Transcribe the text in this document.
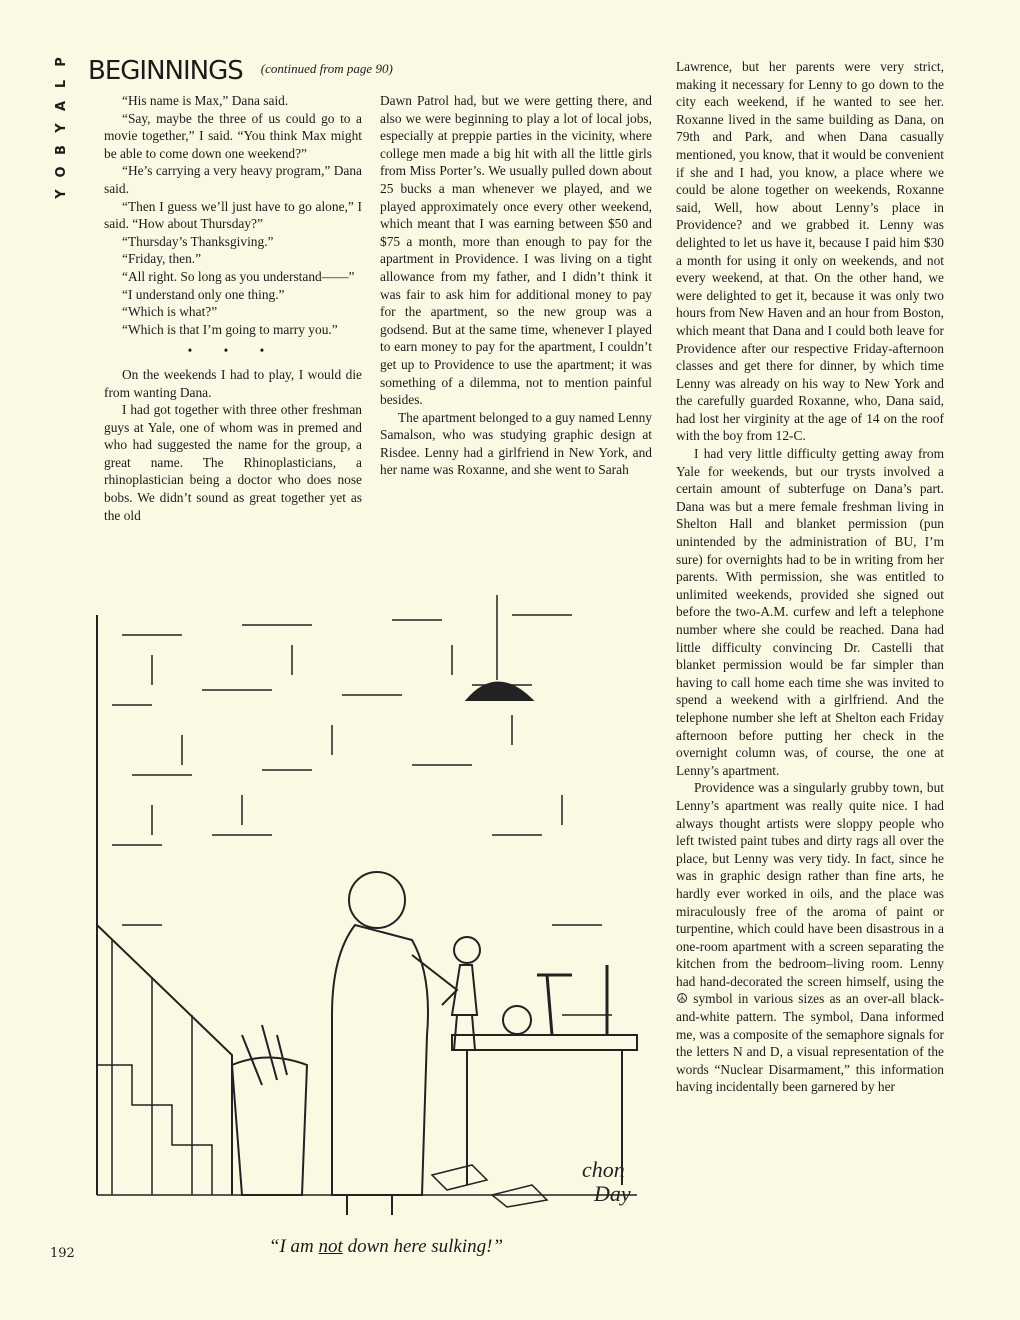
P
L
A
Y
B
O
Y
BEGINNINGS $^{(continued from page 90)}$

“His name is Max,” Dana said.

“Say, maybe the three of us could go to a movie together,” I said. “You think Max might be able to come down one weekend?”

“He’s carrying a very heavy program,” Dana said.

“Then I guess we’ll just have to go alone,” I said. “How about Thursday?”

“Thursday’s Thanksgiving.”

“Friday, then.”

“All right. So long as you understand——”

“I understand only one thing.”

“Which is what?”

“Which is that I’m going to marry you.”

• • •

On the weekends I had to play, I would die from wanting Dana.

I had got together with three other freshman guys at Yale, one of whom was in premed and who had suggested the name for the group, a great name. The Rhinoplasticians, a rhinoplastician being a doctor who does nose bobs. We didn’t sound as great together yet as the old

Dawn Patrol had, but we were getting there, and also we were beginning to play a lot of local jobs, especially at preppie parties in the vicinity, where college men made a big hit with all the little girls from Miss Porter’s. We usually pulled down about 25 bucks a man whenever we played, and we played approximately once every other weekend, which meant that I was earning between $50 and $75 a month, more than enough to pay for the apartment in Providence. I was living on a tight allowance from my father, and I didn’t think it was fair to ask him for additional money to pay for the apartment, so the new group was a godsend. But at the same time, whenever I played to earn money to pay for the apartment, I couldn’t get up to Providence to use the apartment; it was something of a dilemma, not to mention painful besides.

The apartment belonged to a guy named Lenny Samalson, who was studying graphic design at Risdee. Lenny had a girlfriend in New York, and her name was Roxanne, and she went to Sarah

Lawrence, but her parents were very strict, making it necessary for Lenny to go down to the city each weekend, if he wanted to see her. Roxanne lived in the same building as Dana, on 79th and Park, and when Dana casually mentioned, you know, that it would be convenient if she and I had, you know, a place where we could be alone together on weekends, Roxanne said, Well, how about Lenny’s place in Providence? and we grabbed it. Lenny was delighted to let us have it, because I paid him $30 a month for using it only on weekends, and not every weekend, at that. On the other hand, we were delighted to get it, because it was only two hours from New Haven and an hour from Boston, which meant that Dana and I could both leave for Providence after our respective Friday-afternoon classes and get there for dinner, by which time Lenny was already on his way to New York and the carefully guarded Roxanne, who, Dana said, had lost her virginity at the age of 14 on the roof with the boy from 12-C.

I had very little difficulty getting away from Yale for weekends, but our trysts involved a certain amount of subterfuge on Dana’s part. Dana was but a mere female freshman living in Shelton Hall and blanket permission (pun unintended by the administration of BU, I’m sure) for overnights had to be in writing from her parents. With permission, she was entitled to unlimited weekends, provided she signed out before the two-A.M. curfew and left a telephone number where she could be reached. Dana had little difficulty convincing Dr. Castelli that blanket permission would be far simpler than having to call home each time she was invited to spend a weekend with a girlfriend. And the telephone number she left at Shelton each Friday afternoon before putting her check in the overnight column was, of course, the one at Lenny’s apartment.

Providence was a singularly grubby town, but Lenny’s apartment was really quite nice. I had always thought artists were sloppy people who left twisted paint tubes and dirty rags all over the place, but Lenny was very tidy. In fact, since he was in graphic design rather than fine arts, he hardly ever worked in oils, and the place was miraculously free of the aroma of paint or turpentine, which could have been disastrous in a one-room apartment with a screen separating the kitchen from the bedroom–living room. Lenny had hand-decorated the screen himself, using the ☮ symbol in various sizes as an over-all black-and-white pattern. The symbol, Dana informed me, was a composite of the semaphore signals for the letters N and D, a visual representation of the words “Nuclear Disarmament,” this information having incidentally been garnered by her

chon
Day
“I am not down here sulking!”
192
